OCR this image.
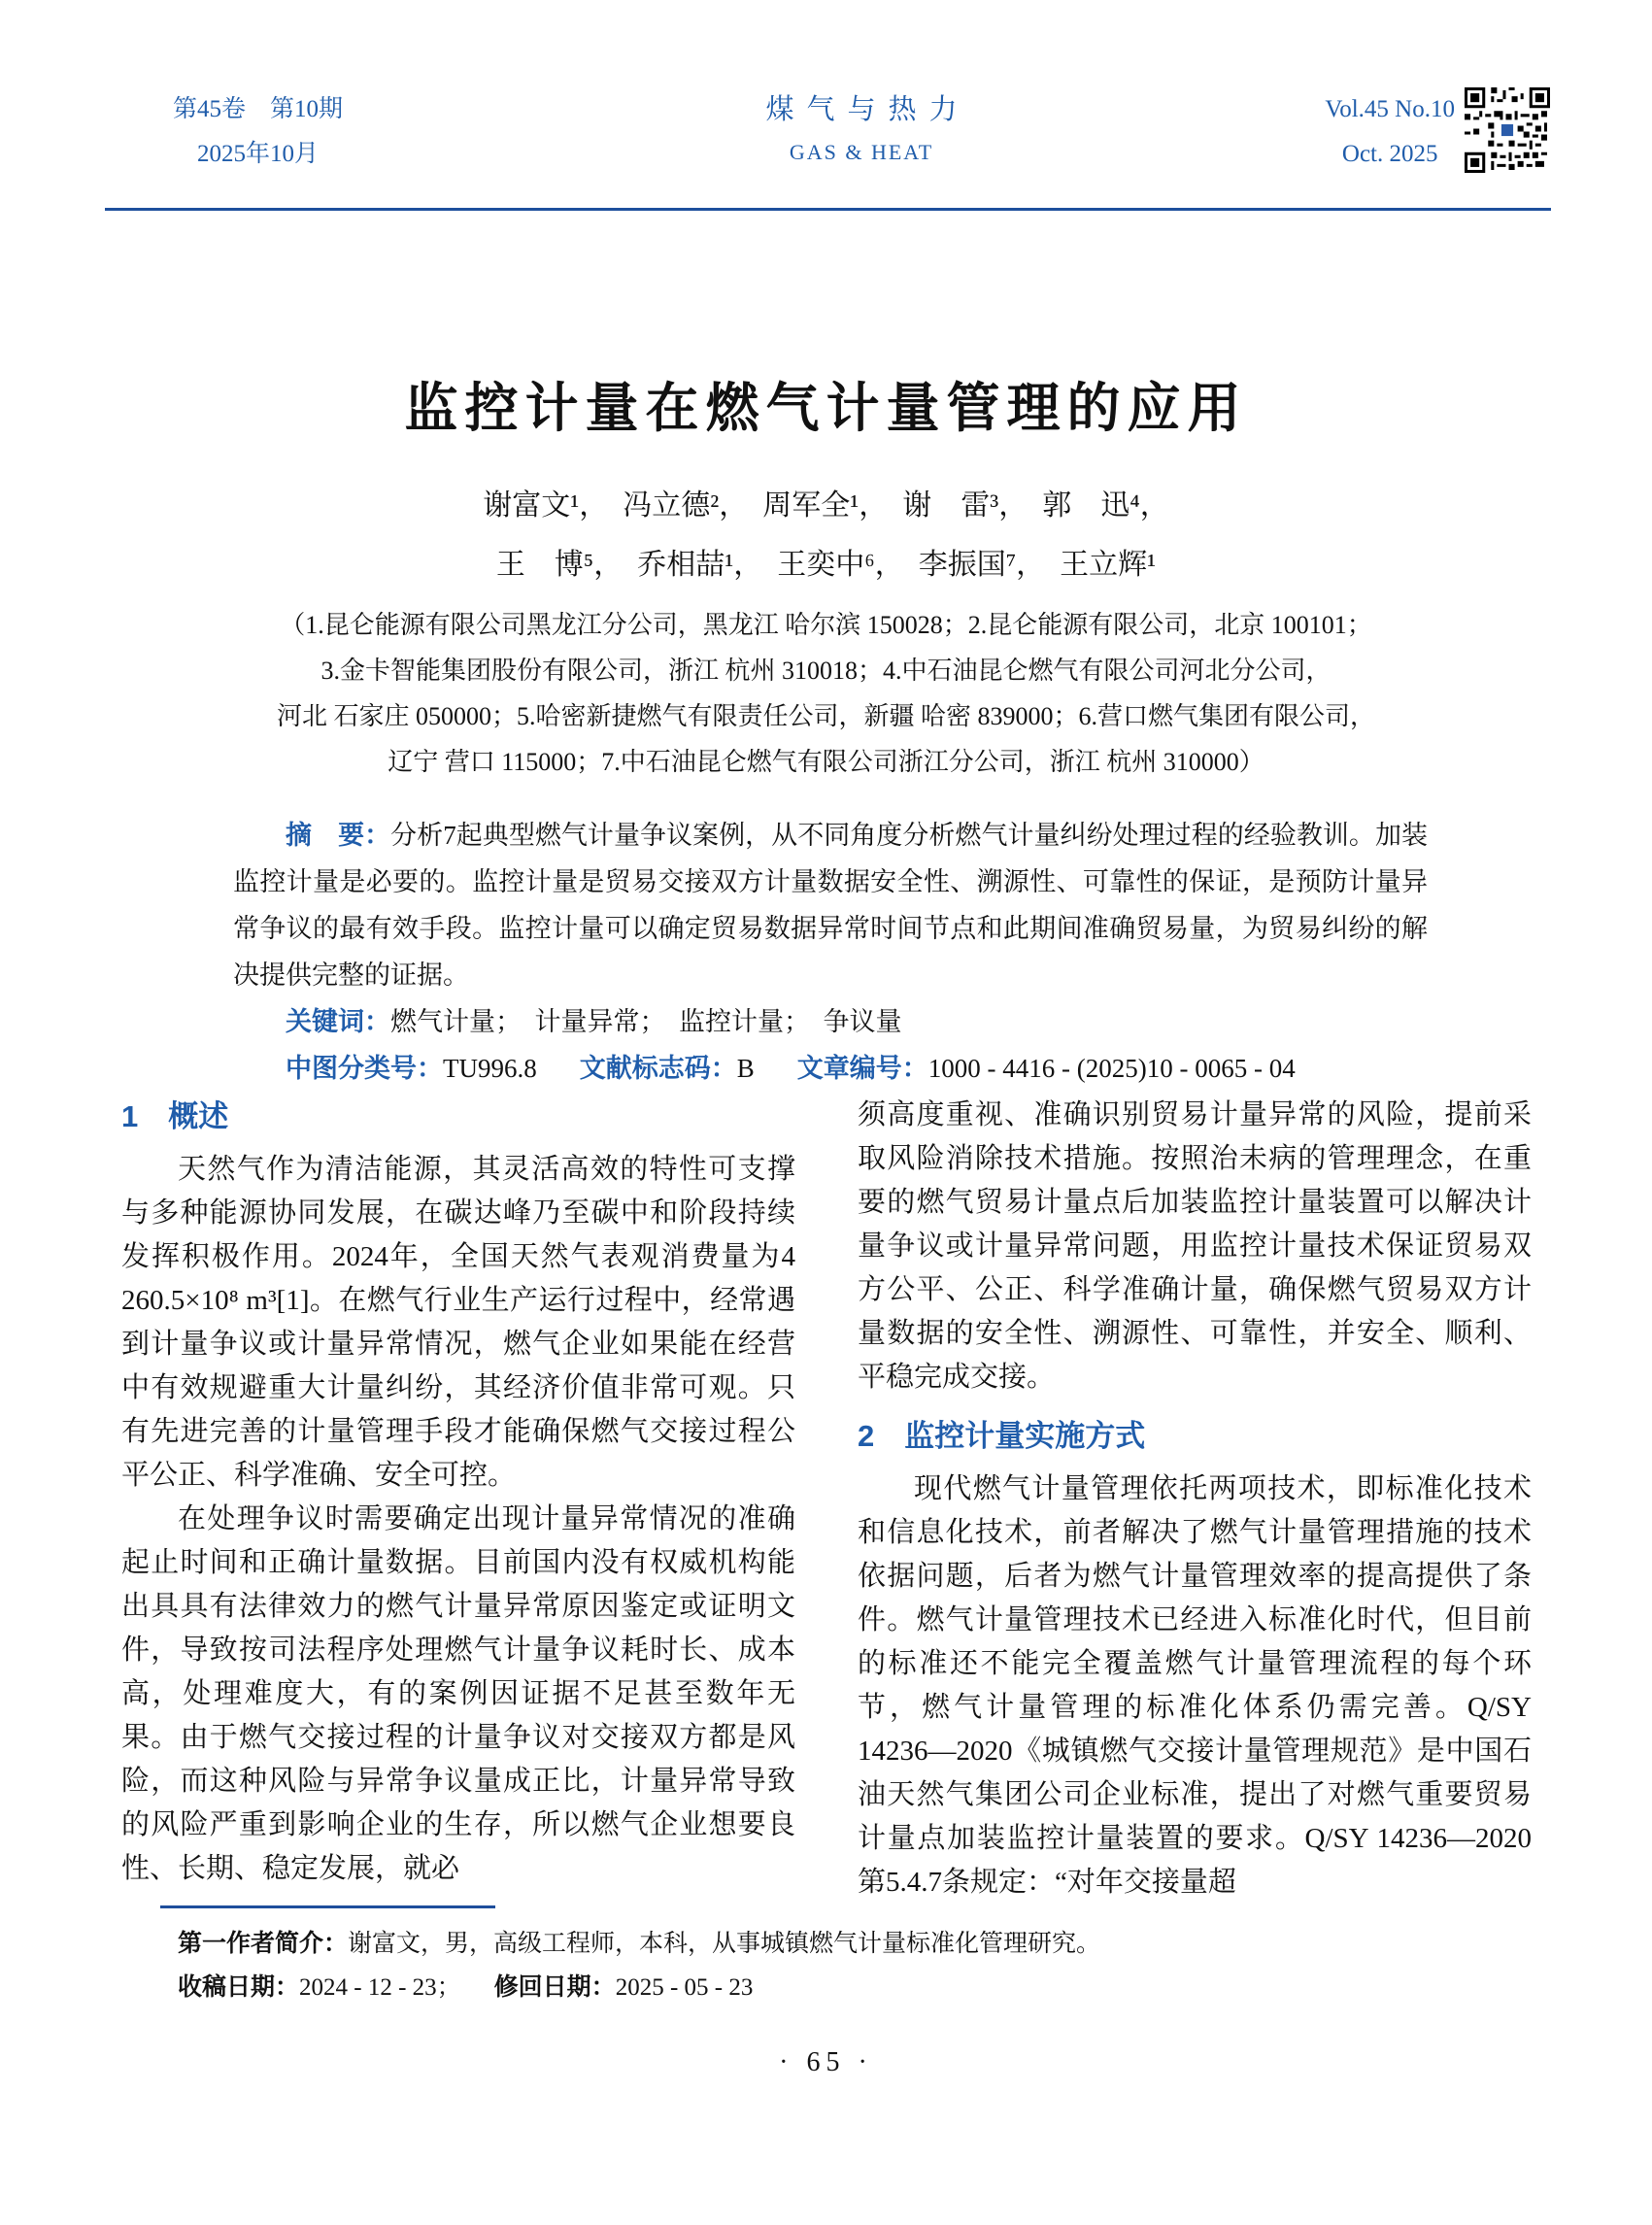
第45卷　第10期
2025年10月
煤气与热力
GAS & HEAT
Vol.45 No.10
Oct. 2025
监控计量在燃气计量管理的应用
谢富文¹，　冯立德²，　周军全¹，　谢　雷³，　郭　迅⁴，
王　博⁵，　乔相喆¹，　王奕中⁶，　李振国⁷，　王立辉¹
（1.昆仑能源有限公司黑龙江分公司，黑龙江 哈尔滨 150028；2.昆仑能源有限公司，北京 100101；
3.金卡智能集团股份有限公司，浙江 杭州 310018；4.中石油昆仑燃气有限公司河北分公司，
河北 石家庄 050000；5.哈密新捷燃气有限责任公司，新疆 哈密 839000；6.营口燃气集团有限公司，
辽宁 营口 115000；7.中石油昆仑燃气有限公司浙江分公司，浙江 杭州 310000）

摘　要：分析7起典型燃气计量争议案例，从不同角度分析燃气计量纠纷处理过程的经验教训。加装监控计量是必要的。监控计量是贸易交接双方计量数据安全性、溯源性、可靠性的保证，是预防计量异常争议的最有效手段。监控计量可以确定贸易数据异常时间节点和此期间准确贸易量，为贸易纠纷的解决提供完整的证据。

关键词：燃气计量；　计量异常；　监控计量；　争议量

中图分类号：TU996.8 文献标志码：B 文章编号：1000 - 4416 - (2025)10 - 0065 - 04

1　概述

天然气作为清洁能源，其灵活高效的特性可支撑与多种能源协同发展，在碳达峰乃至碳中和阶段持续发挥积极作用。2024年，全国天然气表观消费量为4 260.5×10⁸ m³[1]。在燃气行业生产运行过程中，经常遇到计量争议或计量异常情况，燃气企业如果能在经营中有效规避重大计量纠纷，其经济价值非常可观。只有先进完善的计量管理手段才能确保燃气交接过程公平公正、科学准确、安全可控。

在处理争议时需要确定出现计量异常情况的准确起止时间和正确计量数据。目前国内没有权威机构能出具具有法律效力的燃气计量异常原因鉴定或证明文件，导致按司法程序处理燃气计量争议耗时长、成本高，处理难度大，有的案例因证据不足甚至数年无果。由于燃气交接过程的计量争议对交接双方都是风险，而这种风险与异常争议量成正比，计量异常导致的风险严重到影响企业的生存，所以燃气企业想要良性、长期、稳定发展，就必

须高度重视、准确识别贸易计量异常的风险，提前采取风险消除技术措施。按照治未病的管理理念，在重要的燃气贸易计量点后加装监控计量装置可以解决计量争议或计量异常问题，用监控计量技术保证贸易双方公平、公正、科学准确计量，确保燃气贸易双方计量数据的安全性、溯源性、可靠性，并安全、顺利、平稳完成交接。

2　监控计量实施方式

现代燃气计量管理依托两项技术，即标准化技术和信息化技术，前者解决了燃气计量管理措施的技术依据问题，后者为燃气计量管理效率的提高提供了条件。燃气计量管理技术已经进入标准化时代，但目前的标准还不能完全覆盖燃气计量管理流程的每个环节，燃气计量管理的标准化体系仍需完善。Q/SY 14236—2020《城镇燃气交接计量管理规范》是中国石油天然气集团公司企业标准，提出了对燃气重要贸易计量点加装监控计量装置的要求。Q/SY 14236—2020第5.4.7条规定：“对年交接量超

第一作者简介：谢富文，男，高级工程师，本科，从事城镇燃气计量标准化管理研究。
收稿日期：2024 - 12 - 23； 修回日期：2025 - 05 - 23
· 65 ·
